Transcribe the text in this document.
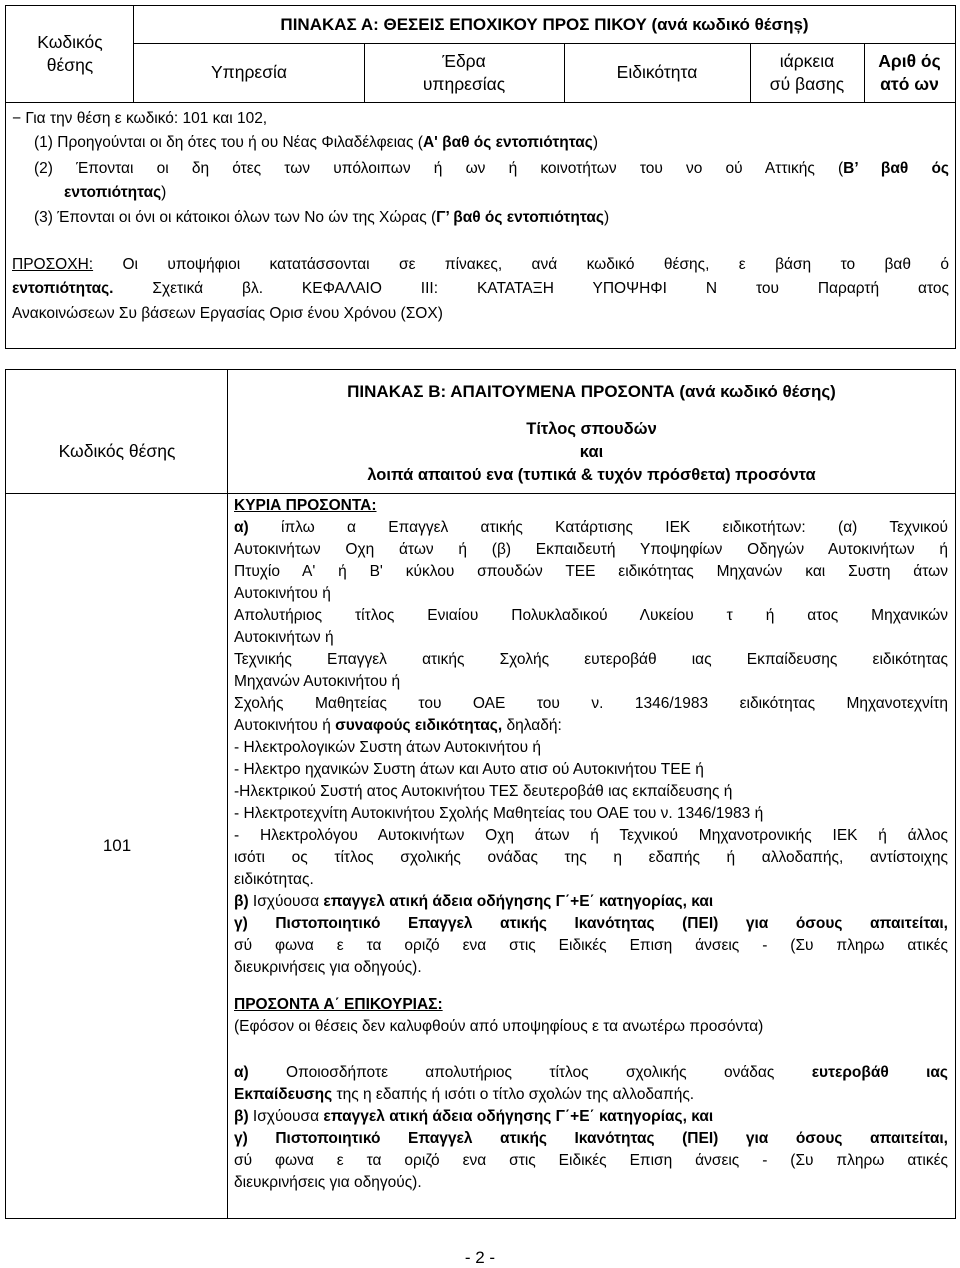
Κωδικός
θέσης
ΠΙΝΑΚΑΣ Α: ΘΕΣΕΙΣ ΕΠΟΧΙΚΟΥ ΠΡΟΣ ΠΙΚΟΥ (ανά κωδικό θέσηș)
Υπηρεσία
Έδρα
υπηρεσίας
Ειδικότητα
ιάρκεια
σύ βασης
Αριθ ός
ατό ων
− Για την θέση ε κωδικό: 101 και 102,
(1) Προηγούνται οι δη ότες του ή ου Νέας Φιλαδέλφειας (Α' βαθ ός εντοπιότητας)
(2) Έπονται οι δη ότες των υπόλοιπων ή ων ή κοινοτήτων του νο ού Αττικής (Β’ βαθ ός
εντοπιότητας)
(3) Έπονται οι όνι οι κάτοικοι όλων των Νο ών της Χώρας (Γ’ βαθ ός εντοπιότητας)
ΠΡΟΣΟΧΗ: Οι υποψήφιοι κατατάσσονται σε πίνακες, ανά κωδικό θέσης, ε βάση το βαθ ό
εντοπιότητας. Σχετικά βλ. ΚΕΦΑΛΑΙΟ ΙΙΙ: ΚΑΤΑΤΑΞΗ ΥΠΟΨΗΦΙ Ν του Παραρτή ατος
Ανακοινώσεων Συ βάσεων Εργασίας Ορισ ένου Χρόνου (ΣΟΧ)
ΠΙΝΑΚΑΣ Β: ΑΠΑΙΤΟΥΜΕΝΑ ΠΡΟΣΟΝΤΑ (ανά κωδικό θέσης)
Κωδικός θέσης
Τίτλος σπουδών
και
λοιπά απαιτού ενα (τυπικά & τυχόν πρόσθετα) προσόντα
101
ΚΥΡΙΑ ΠΡΟΣΟΝΤΑ:
α) ίπλω α Επαγγελ ατικής Κατάρτισης ΙΕΚ ειδικοτήτων: (α) Τεχνικού
Αυτοκινήτων Οχη άτων ή (β) Εκπαιδευτή Υποψηφίων Οδηγών Αυτοκινήτων ή
Πτυχίο Α' ή Β' κύκλου σπουδών ΤΕΕ ειδικότητας Μηχανών και Συστη άτων
Αυτοκινήτου ή
Απολυτήριος τίτλος Ενιαίου Πολυκλαδικού Λυκείου τ ή ατος Μηχανικών
Αυτοκινήτων ή
Τεχνικής Επαγγελ ατικής Σχολής ευτεροβάθ ιας Εκπαίδευσης ειδικότητας
Μηχανών Αυτοκινήτου ή
Σχολής Μαθητείας του ΟΑΕ του ν. 1346/1983 ειδικότητας Μηχανοτεχνίτη
Αυτοκινήτου ή συναφούς ειδικότητας, δηλαδή:
- Ηλεκτρολογικών Συστη άτων Αυτοκινήτου ή
- Ηλεκτρο ηχανικών Συστη άτων και Αυτο ατισ ού Αυτοκινήτου ΤΕΕ ή
-Ηλεκτρικού Συστή ατος Αυτοκινήτου ΤΕΣ δευτεροβάθ ιας εκπαίδευσης ή
- Ηλεκτροτεχνίτη Αυτοκινήτου Σχολής Μαθητείας του ΟΑΕ του ν. 1346/1983 ή
- Ηλεκτρολόγου Αυτοκινήτων Οχη άτων ή Τεχνικού Μηχανοτρονικής ΙΕΚ ή άλλος
ισότι ος τίτλος σχολικής ονάδας της η εδαπής ή αλλοδαπής, αντίστοιχης
ειδικότητας.
β) Ισχύουσα επαγγελ ατική άδεια οδήγησης Γ΄+Ε΄ κατηγορίας, και
γ) Πιστοποιητικό Επαγγελ ατικής Ικανότητας (ΠΕΙ) για όσους απαιτείται,
σύ φωνα ε τα οριζό ενα στις Ειδικές Επιση άνσεις - (Συ πληρω ατικές
διευκρινήσεις για οδηγούς).
ΠΡΟΣΟΝΤΑ Α΄ ΕΠΙΚΟΥΡΙΑΣ:
(Εφόσον οι θέσεις δεν καλυφθούν από υποψηφίους ε τα ανωτέρω προσόντα)
α) Οποιοσδήποτε απολυτήριος τίτλος σχολικής ονάδας ευτεροβάθ ιας
Εκπαίδευσης της η εδαπής ή ισότι ο τίτλο σχολών της αλλοδαπής.
β) Ισχύουσα επαγγελ ατική άδεια οδήγησης Γ΄+Ε΄ κατηγορίας, και
γ) Πιστοποιητικό Επαγγελ ατικής Ικανότητας (ΠΕΙ) για όσους απαιτείται,
σύ φωνα ε τα οριζό ενα στις Ειδικές Επιση άνσεις - (Συ πληρω ατικές
διευκρινήσεις για οδηγούς).
- 2 -
